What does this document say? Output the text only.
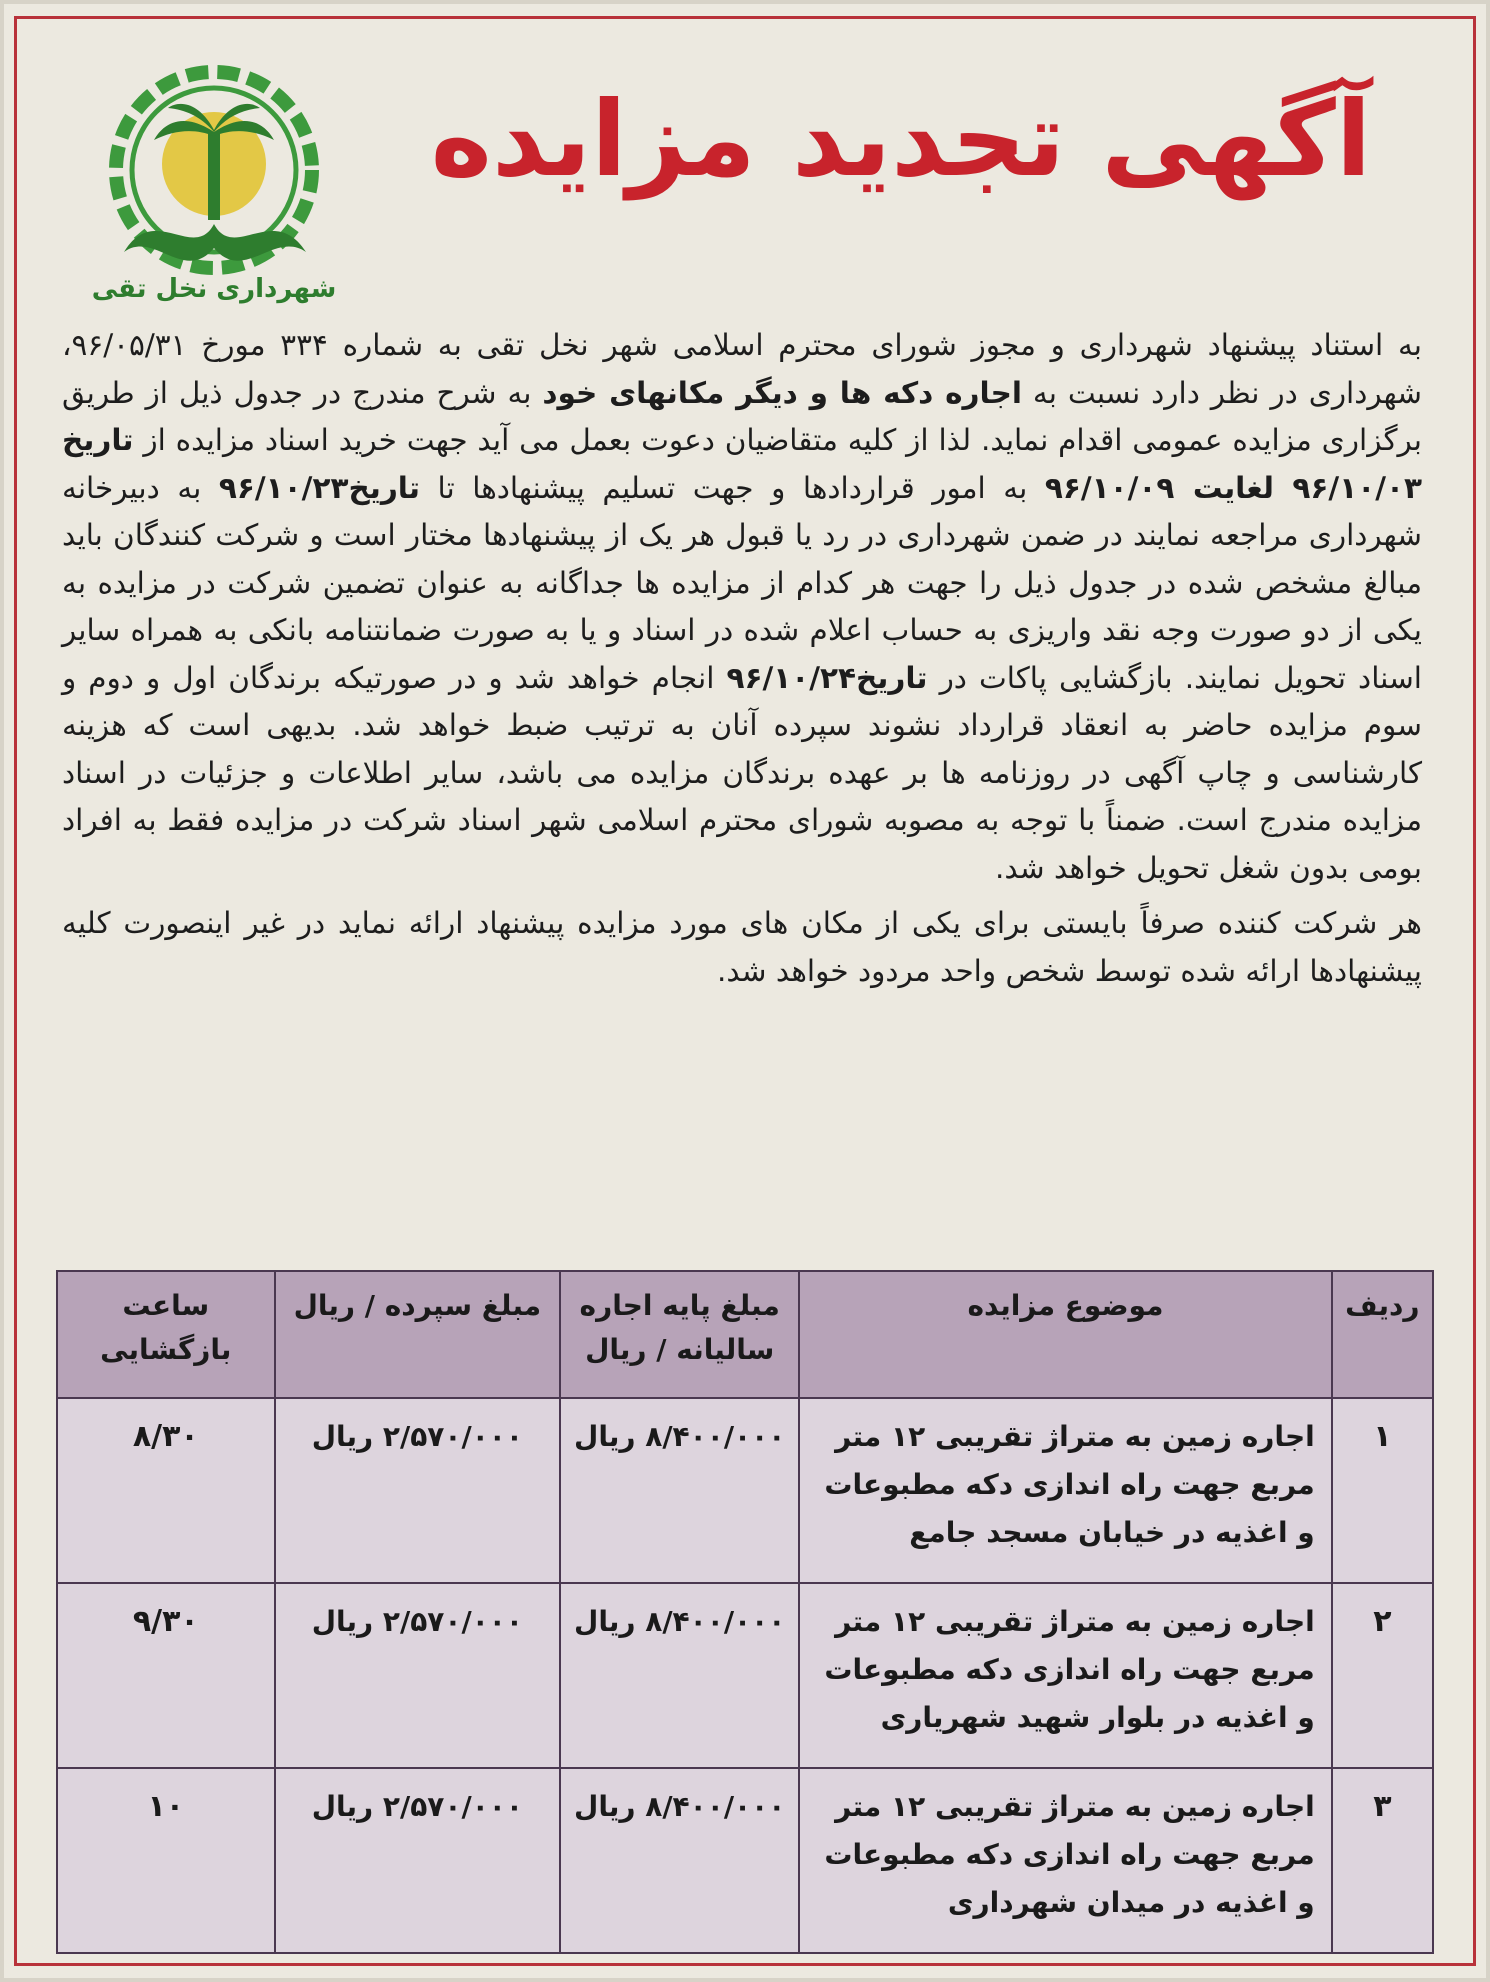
شهرداری نخل تقی
آگهی تجدید مزایده

به استناد پیشنهاد شهرداری و مجوز شورای محترم اسلامی شهر نخل تقی به شماره ۳۳۴ مورخ ۹۶/۰۵/۳۱، شهرداری در نظر دارد نسبت به اجاره دکه ها و دیگر مکانهای خود به شرح مندرج در جدول ذیل از طریق برگزاری مزایده عمومی اقدام نماید. لذا از کلیه متقاضیان دعوت بعمل می آید جهت خرید اسناد مزایده از تاریخ ۹۶/۱۰/۰۳ لغایت ۹۶/۱۰/۰۹ به امور قراردادها و جهت تسلیم پیشنهادها تا تاریخ۹۶/۱۰/۲۳ به دبیرخانه شهرداری مراجعه نمایند در ضمن شهرداری در رد یا قبول هر یک از پیشنهادها مختار است و شرکت کنندگان باید مبالغ مشخص شده در جدول ذیل را جهت هر کدام از مزایده ها جداگانه به عنوان تضمین شرکت در مزایده به یکی از دو صورت وجه نقد واریزی به حساب اعلام شده در اسناد و یا به صورت ضمانتنامه بانکی به همراه سایر اسناد تحویل نمایند. بازگشایی پاکات در تاریخ۹۶/۱۰/۲۴ انجام خواهد شد و در صورتیکه برندگان اول و دوم و سوم مزایده حاضر به انعقاد قرارداد نشوند سپرده آنان به ترتیب ضبط خواهد شد. بدیهی است که هزینه کارشناسی و چاپ آگهی در روزنامه ها بر عهده برندگان مزایده می باشد، سایر اطلاعات و جزئیات در اسناد مزایده مندرج است. ضمناً با توجه به مصوبه شورای محترم اسلامی شهر اسناد شرکت در مزایده فقط به افراد بومی بدون شغل تحویل خواهد شد.

هر شرکت کننده صرفاً بایستی برای یکی از مکان های مورد مزایده پیشنهاد ارائه نماید در غیر اینصورت کلیه پیشنهادها ارائه شده توسط شخص واحد مردود خواهد شد.

ردیف	موضوع مزایده	مبلغ پایه اجاره سالیانه / ریال	مبلغ سپرده / ریال	ساعت بازگشایی
۱	اجاره زمین به متراژ تقریبی ۱۲ متر مربع جهت راه اندازی دکه مطبوعات و اغذیه در خیابان مسجد جامع	۸/۴۰۰/۰۰۰ ریال	۲/۵۷۰/۰۰۰ ریال	۸/۳۰
۲	اجاره زمین به متراژ تقریبی ۱۲ متر مربع جهت راه اندازی دکه مطبوعات و اغذیه در بلوار شهید شهریاری	۸/۴۰۰/۰۰۰ ریال	۲/۵۷۰/۰۰۰ ریال	۹/۳۰
۳	اجاره زمین به متراژ تقریبی ۱۲ متر مربع جهت راه اندازی دکه مطبوعات و اغذیه در میدان شهرداری	۸/۴۰۰/۰۰۰ ریال	۲/۵۷۰/۰۰۰ ریال	۱۰
